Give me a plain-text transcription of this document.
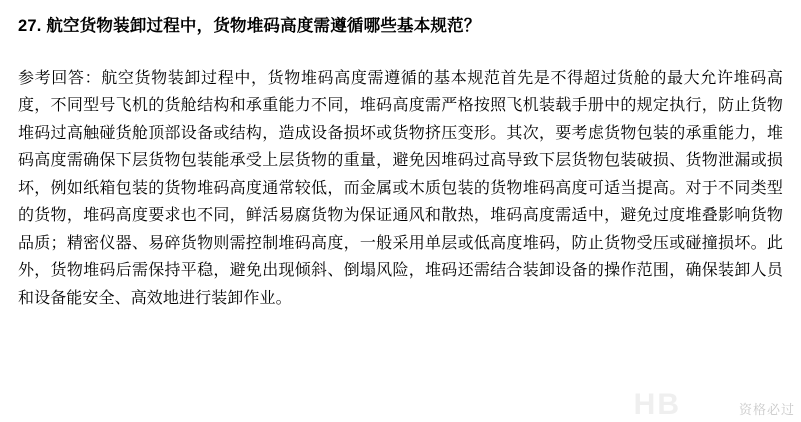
27. 航空货物装卸过程中，货物堆码高度需遵循哪些基本规范？
参考回答：航空货物装卸过程中，货物堆码高度需遵循的基本规范首先是不得超过货舱的最大允许堆码高度，不同型号飞机的货舱结构和承重能力不同，堆码高度需严格按照飞机装载手册中的规定执行，防止货物堆码过高触碰货舱顶部设备或结构，造成设备损坏或货物挤压变形。其次，要考虑货物包装的承重能力，堆码高度需确保下层货物包装能承受上层货物的重量，避免因堆码过高导致下层货物包装破损、货物泄漏或损坏，例如纸箱包装的货物堆码高度通常较低，而金属或木质包装的货物堆码高度可适当提高。对于不同类型的货物，堆码高度要求也不同，鲜活易腐货物为保证通风和散热，堆码高度需适中，避免过度堆叠影响货物品质；精密仪器、易碎货物则需控制堆码高度，一般采用单层或低高度堆码，防止货物受压或碰撞损坏。此外，货物堆码后需保持平稳，避免出现倾斜、倒塌风险，堆码还需结合装卸设备的操作范围，确保装卸人员和设备能安全、高效地进行装卸作业。
HB	资格必过
